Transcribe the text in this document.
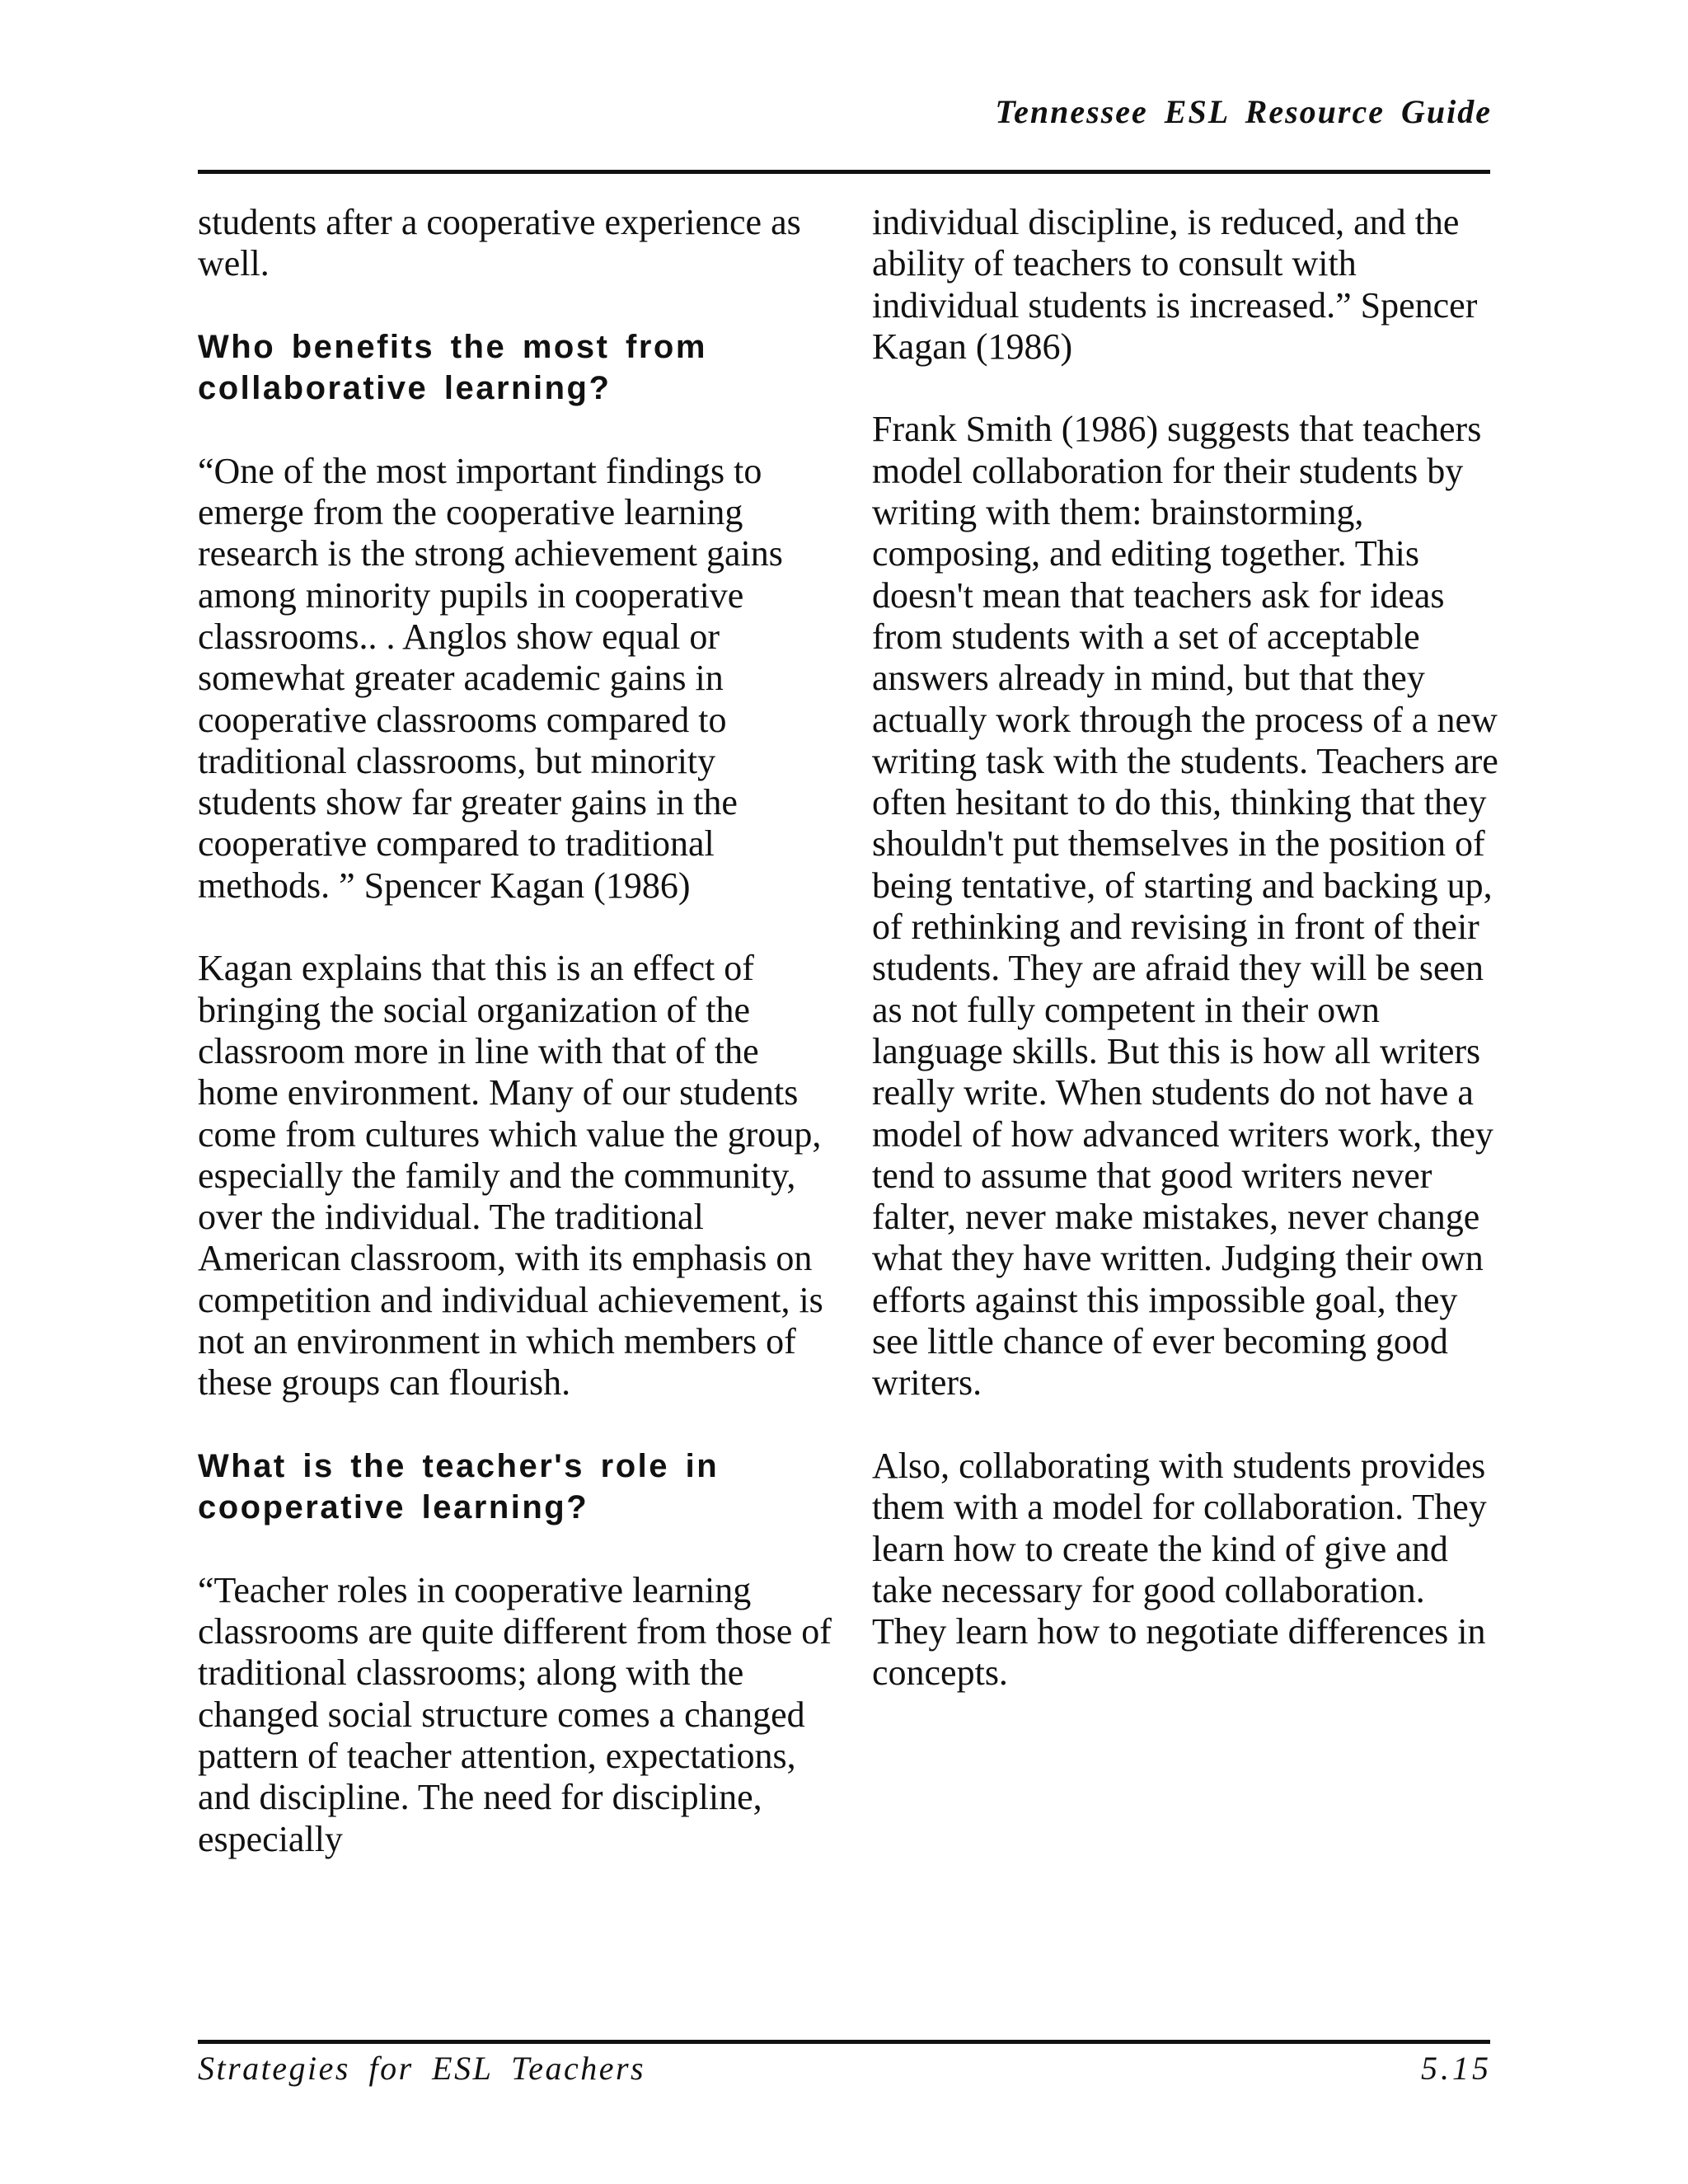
Tennessee ESL Resource Guide

students after a cooperative experience as well.

Who benefits the most from collaborative learning?

“One of the most important findings to emerge from the cooperative learning research is the strong achievement gains among minority pupils in cooperative classrooms.. . Anglos show equal or somewhat greater academic gains in cooperative classrooms compared to traditional classrooms, but minority students show far greater gains in the cooperative compared to traditional methods. ” Spencer Kagan (1986)

Kagan explains that this is an effect of bringing the social organization of the classroom more in line with that of the home environment. Many of our students come from cultures which value the group, especially the family and the community, over the individual. The traditional American classroom, with its emphasis on competition and individual achievement, is not an environment in which members of these groups can flourish.

What is the teacher's role in cooperative learning?

“Teacher roles in cooperative learning classrooms are quite different from those of traditional classrooms; along with the changed social structure comes a changed pattern of teacher attention, expectations, and discipline. The need for discipline, especially

individual discipline, is reduced, and the ability of teachers to consult with individual students is increased.” Spencer Kagan (1986)

Frank Smith (1986) suggests that teachers model collaboration for their students by writing with them: brainstorming, composing, and editing together. This doesn't mean that teachers ask for ideas from students with a set of acceptable answers already in mind, but that they actually work through the process of a new writing task with the students. Teachers are often hesitant to do this, thinking that they shouldn't put themselves in the position of being tentative, of starting and backing up, of rethinking and revising in front of their students. They are afraid they will be seen as not fully competent in their own language skills. But this is how all writers really write. When students do not have a model of how advanced writers work, they tend to assume that good writers never falter, never make mistakes, never change what they have written. Judging their own efforts against this impossible goal, they see little chance of ever becoming good writers.

Also, collaborating with students provides them with a model for collaboration. They learn how to create the kind of give and take necessary for good collaboration. They learn how to negotiate differences in concepts.

Strategies for ESL Teachers	5.15
